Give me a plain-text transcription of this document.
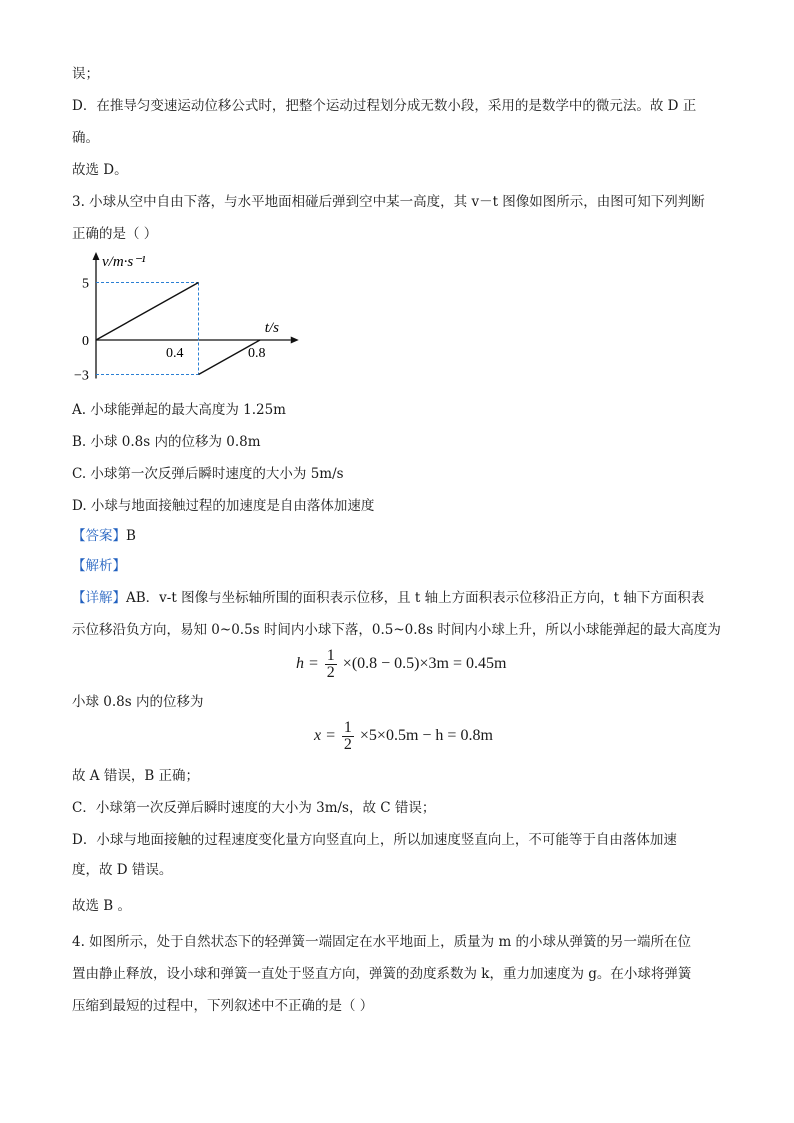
误；
D．在推导匀变速运动位移公式时，把整个运动过程划分成无数小段，采用的是数学中的微元法。故 D 正
确。
故选 D。
3. 小球从空中自由下落，与水平地面相碰后弹到空中某一高度，其 v－t 图像如图所示，由图可知下列判断
正确的是（ ）
v/m·s⁻¹
t/s
0.4	0.8
5
0
−3
A. 小球能弹起的最大高度为 1.25m
B. 小球 0.8s 内的位移为 0.8m
C. 小球第一次反弹后瞬时速度的大小为 5m/s
D. 小球与地面接触过程的加速度是自由落体加速度
【答案】B
【解析】
【详解】AB．v-t 图像与坐标轴所围的面积表示位移，且 t 轴上方面积表示位移沿正方向，t 轴下方面积表
示位移沿负方向，易知 0~0.5s 时间内小球下落，0.5~0.8s 时间内小球上升，所以小球能弹起的最大高度为
$h = \frac{1}{2} \times(0.8 - 0.5)\times 3m = 0.45m$
小球 0.8s 内的位移为
$x = \frac{1}{2} \times 5\times 0.5m - h = 0.8m$
故 A 错误，B 正确；
C．小球第一次反弹后瞬时速度的大小为 3m/s，故 C 错误；
D．小球与地面接触的过程速度变化量方向竖直向上，所以加速度竖直向上，不可能等于自由落体加速
度，故 D 错误。
故选 B 。
4. 如图所示，处于自然状态下的轻弹簧一端固定在水平地面上，质量为 m 的小球从弹簧的另一端所在位
置由静止释放，设小球和弹簧一直处于竖直方向，弹簧的劲度系数为 k，重力加速度为 g。在小球将弹簧
压缩到最短的过程中，下列叙述中不正确的是（ ）
